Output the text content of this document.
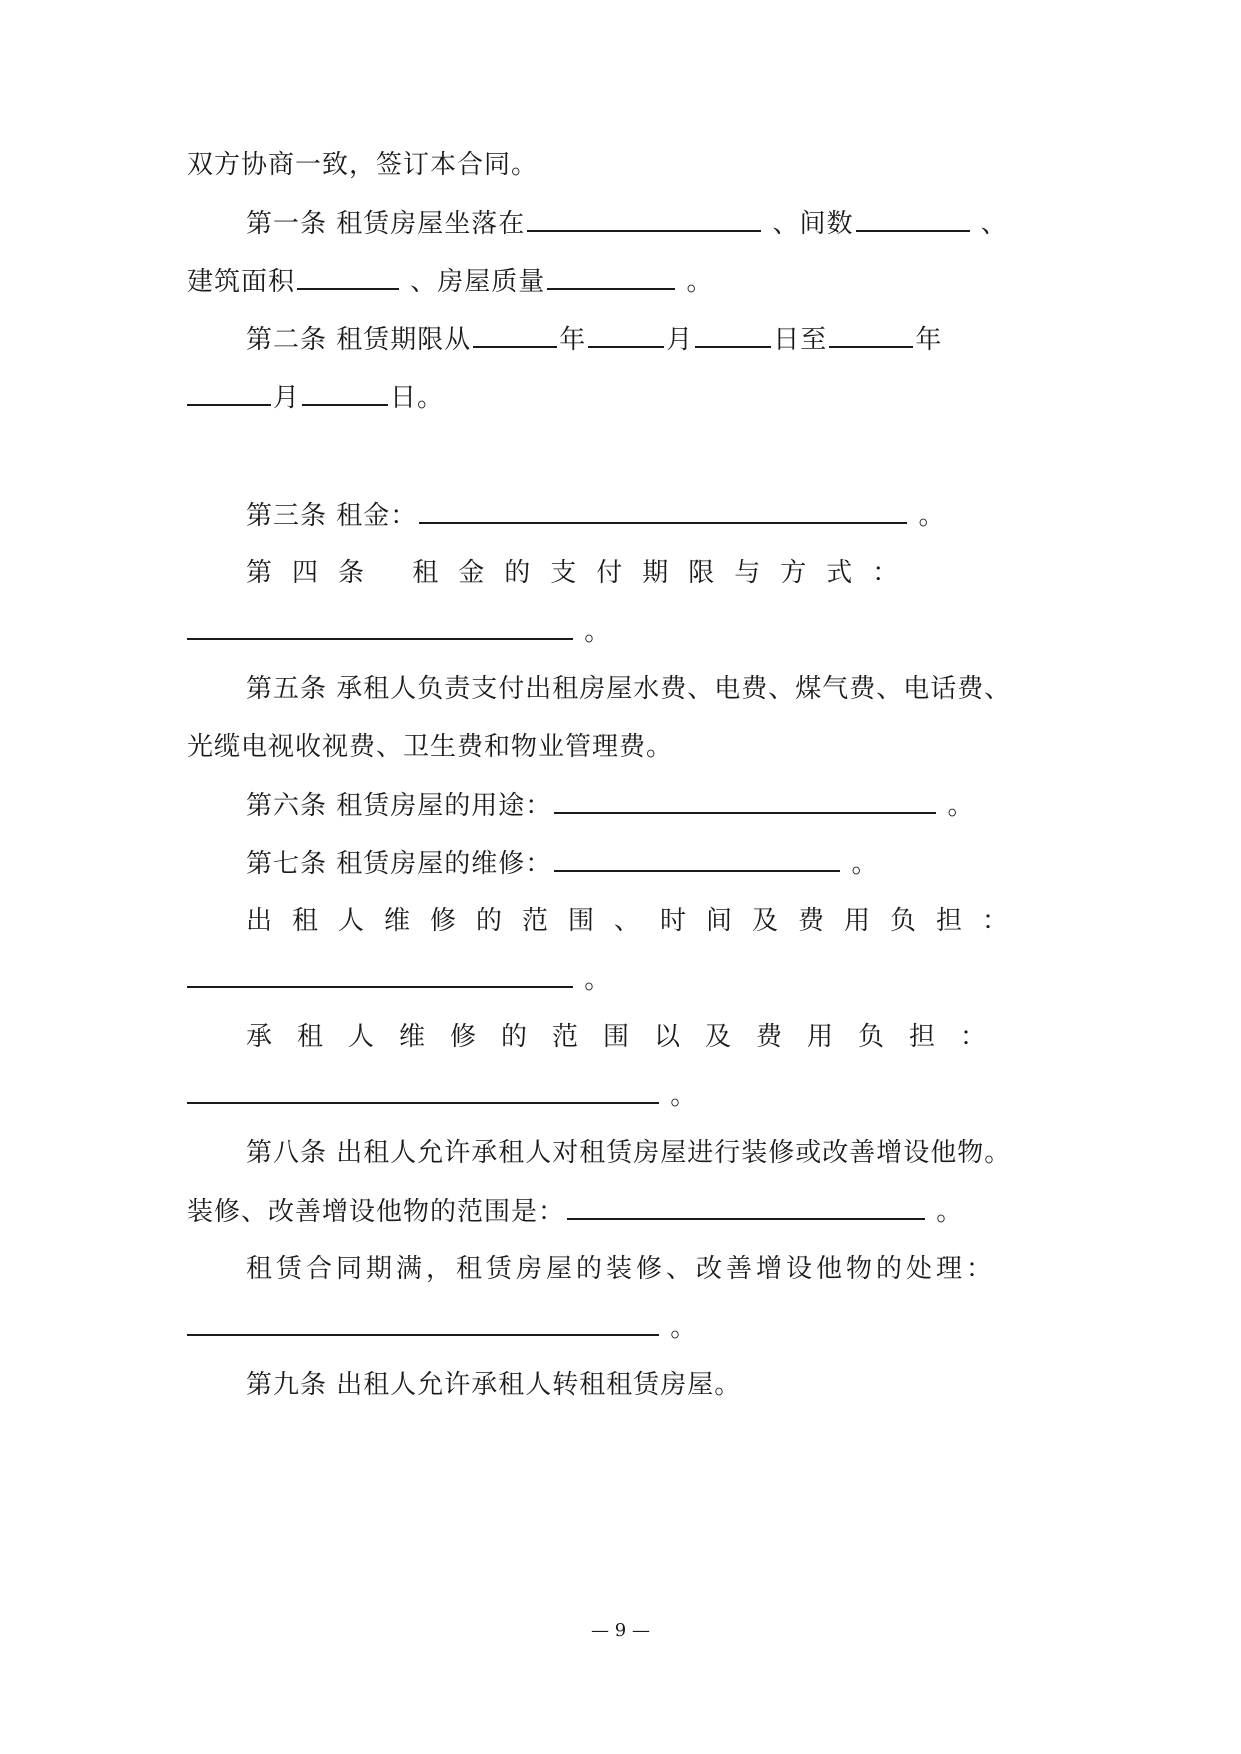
双方协商一致，签订本合同。
第一条 租赁房屋坐落在	、间数	、
建筑面积	、房屋质量	。
第二条 租赁期限从	年	月	日至	年
月	日。
第三条 租金：	。
第四条 租金的支付期限与方式：
。
第五条 承租人负责支付出租房屋水费、电费、煤气费、电话费、
光缆电视收视费、卫生费和物业管理费。
第六条 租赁房屋的用途：	。
第七条 租赁房屋的维修：	。
出租人维修的范围、时间及费用负担：
。
承租人维修的范围以及费用负担：
。
第八条 出租人允许承租人对租赁房屋进行装修或改善增设他物。
装修、改善增设他物的范围是：	。
租赁合同期满，租赁房屋的装修、改善增设他物的处理：
。
第九条 出租人允许承租人转租租赁房屋。
— 9 —
